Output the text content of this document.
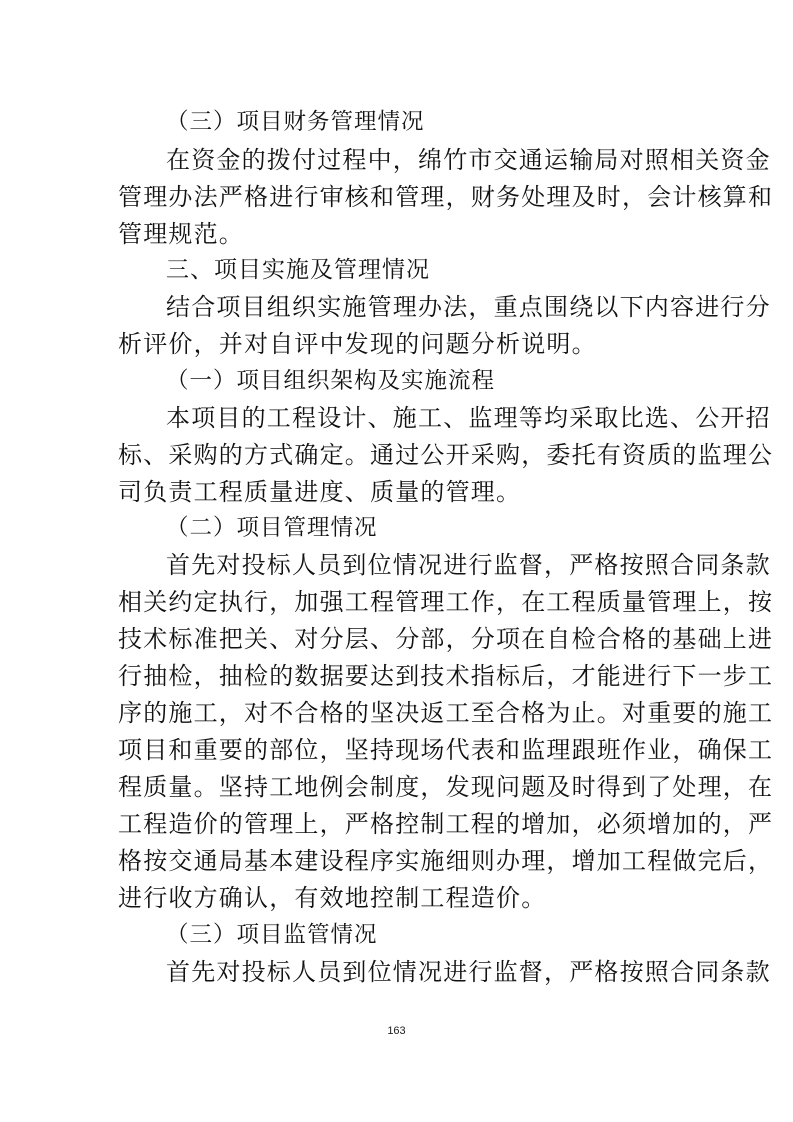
（三）项目财务管理情况
在资金的拨付过程中，绵竹市交通运输局对照相关资金
管理办法严格进行审核和管理，财务处理及时，会计核算和
管理规范。
三、项目实施及管理情况
结合项目组织实施管理办法，重点围绕以下内容进行分
析评价，并对自评中发现的问题分析说明。
（一）项目组织架构及实施流程
本项目的工程设计、施工、监理等均采取比选、公开招
标、采购的方式确定。通过公开采购，委托有资质的监理公
司负责工程质量进度、质量的管理。
（二）项目管理情况
首先对投标人员到位情况进行监督，严格按照合同条款
相关约定执行，加强工程管理工作，在工程质量管理上，按
技术标准把关、对分层、分部，分项在自检合格的基础上进
行抽检，抽检的数据要达到技术指标后，才能进行下一步工
序的施工，对不合格的坚决返工至合格为止。对重要的施工
项目和重要的部位，坚持现场代表和监理跟班作业，确保工
程质量。坚持工地例会制度，发现问题及时得到了处理，在
工程造价的管理上，严格控制工程的增加，必须增加的，严
格按交通局基本建设程序实施细则办理，增加工程做完后，
进行收方确认，有效地控制工程造价。
（三）项目监管情况
首先对投标人员到位情况进行监督，严格按照合同条款
163
